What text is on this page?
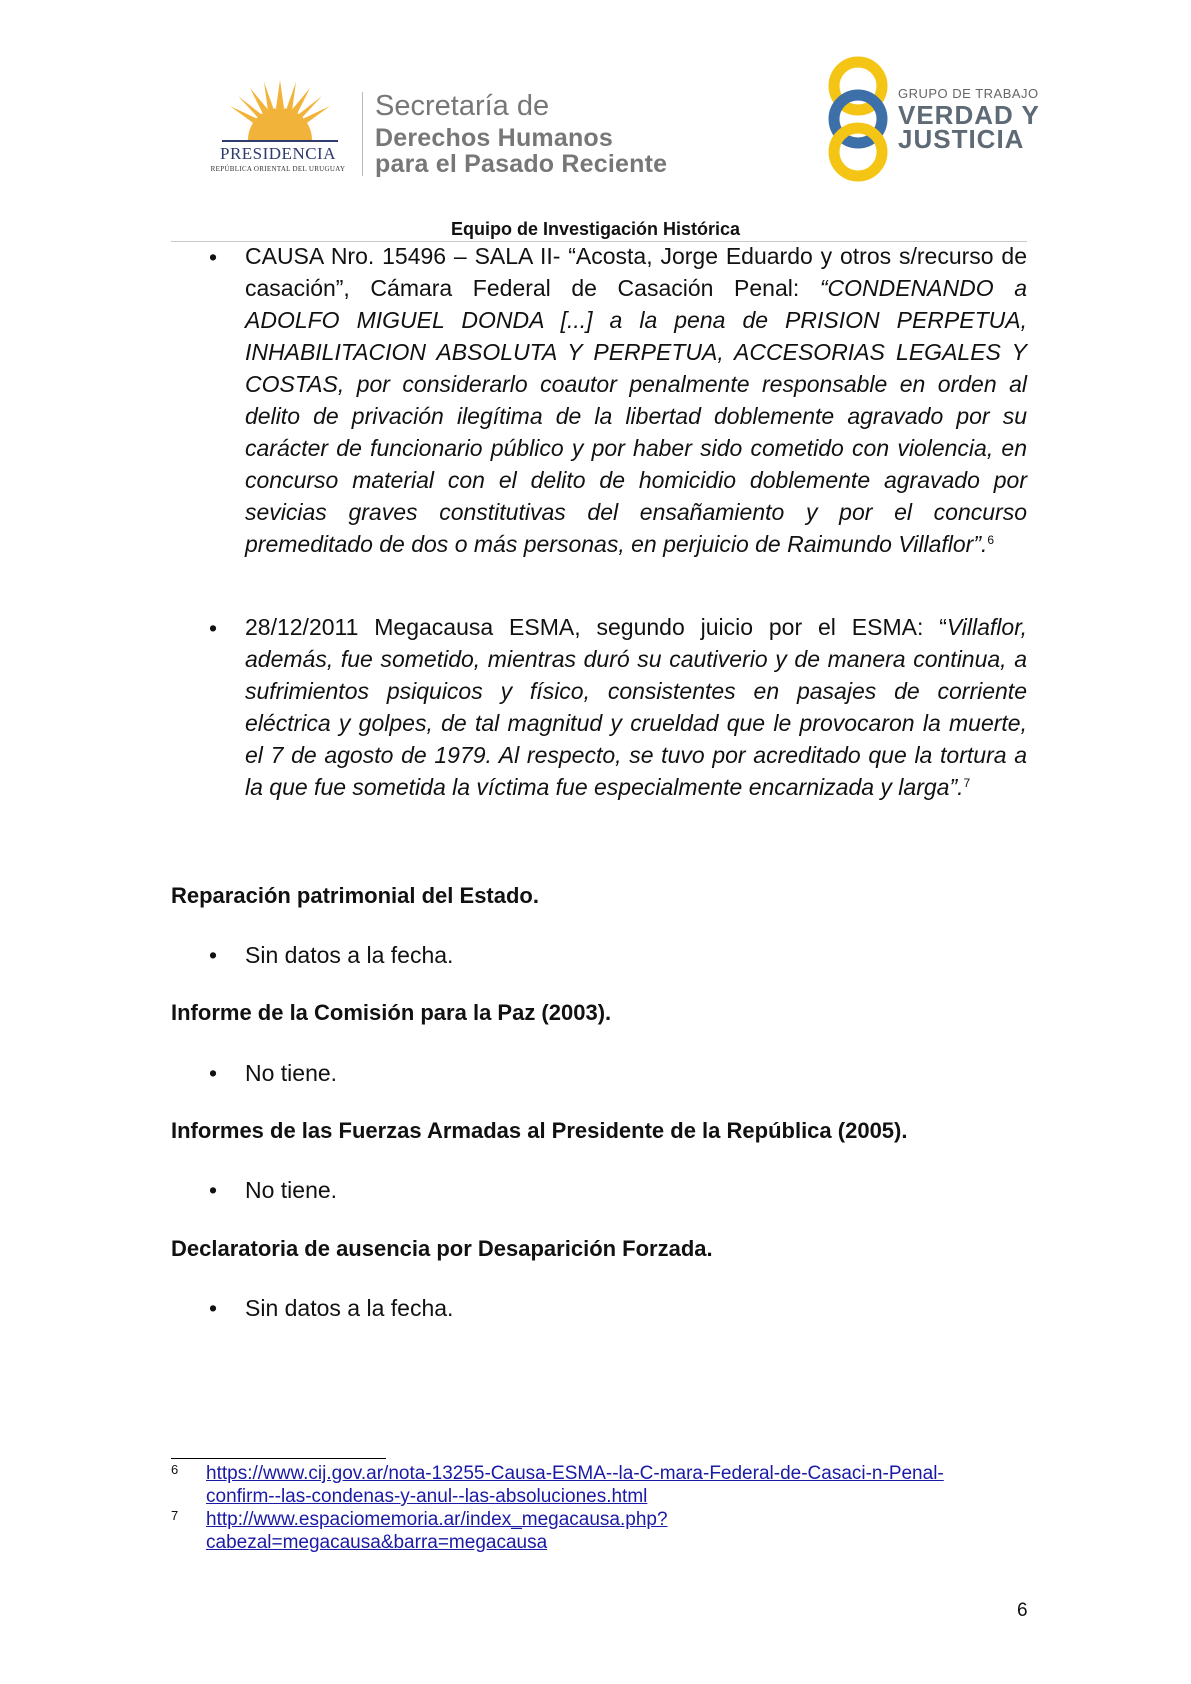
PRESIDENCIA
REPÚBLICA ORIENTAL DEL URUGUAY
Secretaría de
Derechos Humanos
para el Pasado Reciente
GRUPO DE TRABAJO
VERDAD Y
JUSTICIA
Equipo de Investigación Histórica
• CAUSA Nro. 15496 – SALA II- “Acosta, Jorge Eduardo y otros s/recurso de casación”, Cámara Federal de Casación Penal: “CONDENANDO a ADOLFO MIGUEL DONDA [...] a la pena de PRISION PERPETUA, INHABILITACION ABSOLUTA Y PERPETUA, ACCESORIAS LEGALES Y COSTAS, por considerarlo coautor penalmente responsable en orden al delito de privación ilegítima de la libertad doblemente agravado por su carácter de funcionario público y por haber sido cometido con violencia, en concurso material con el delito de homicidio doblemente agravado por sevicias graves constitutivas del ensañamiento y por el concurso premeditado de dos o más personas, en perjuicio de Raimundo Villaflor”.$^6$
• 28/12/2011 Megacausa ESMA, segundo juicio por el ESMA: “Villaflor, además, fue sometido, mientras duró su cautiverio y de manera continua, a sufrimientos psiquicos y físico, consistentes en pasajes de corriente eléctrica y golpes, de tal magnitud y crueldad que le provocaron la muerte, el 7 de agosto de 1979. Al respecto, se tuvo por acreditado que la tortura a la que fue sometida la víctima fue especialmente encarnizada y larga”.$^7$
Reparación patrimonial del Estado.
• Sin datos a la fecha.
Informe de la Comisión para la Paz (2003).
• No tiene.
Informes de las Fuerzas Armadas al Presidente de la República (2005).
• No tiene.
Declaratoria de ausencia por Desaparición Forzada.
• Sin datos a la fecha.
6 https://www.cij.gov.ar/nota-13255-Causa-ESMA--la-C-mara-Federal-de-Casaci-n-Penal-
confirm--las-condenas-y-anul--las-absoluciones.html
7 http://www.espaciomemoria.ar/index_megacausa.php?
cabezal=megacausa&barra=megacausa
6
